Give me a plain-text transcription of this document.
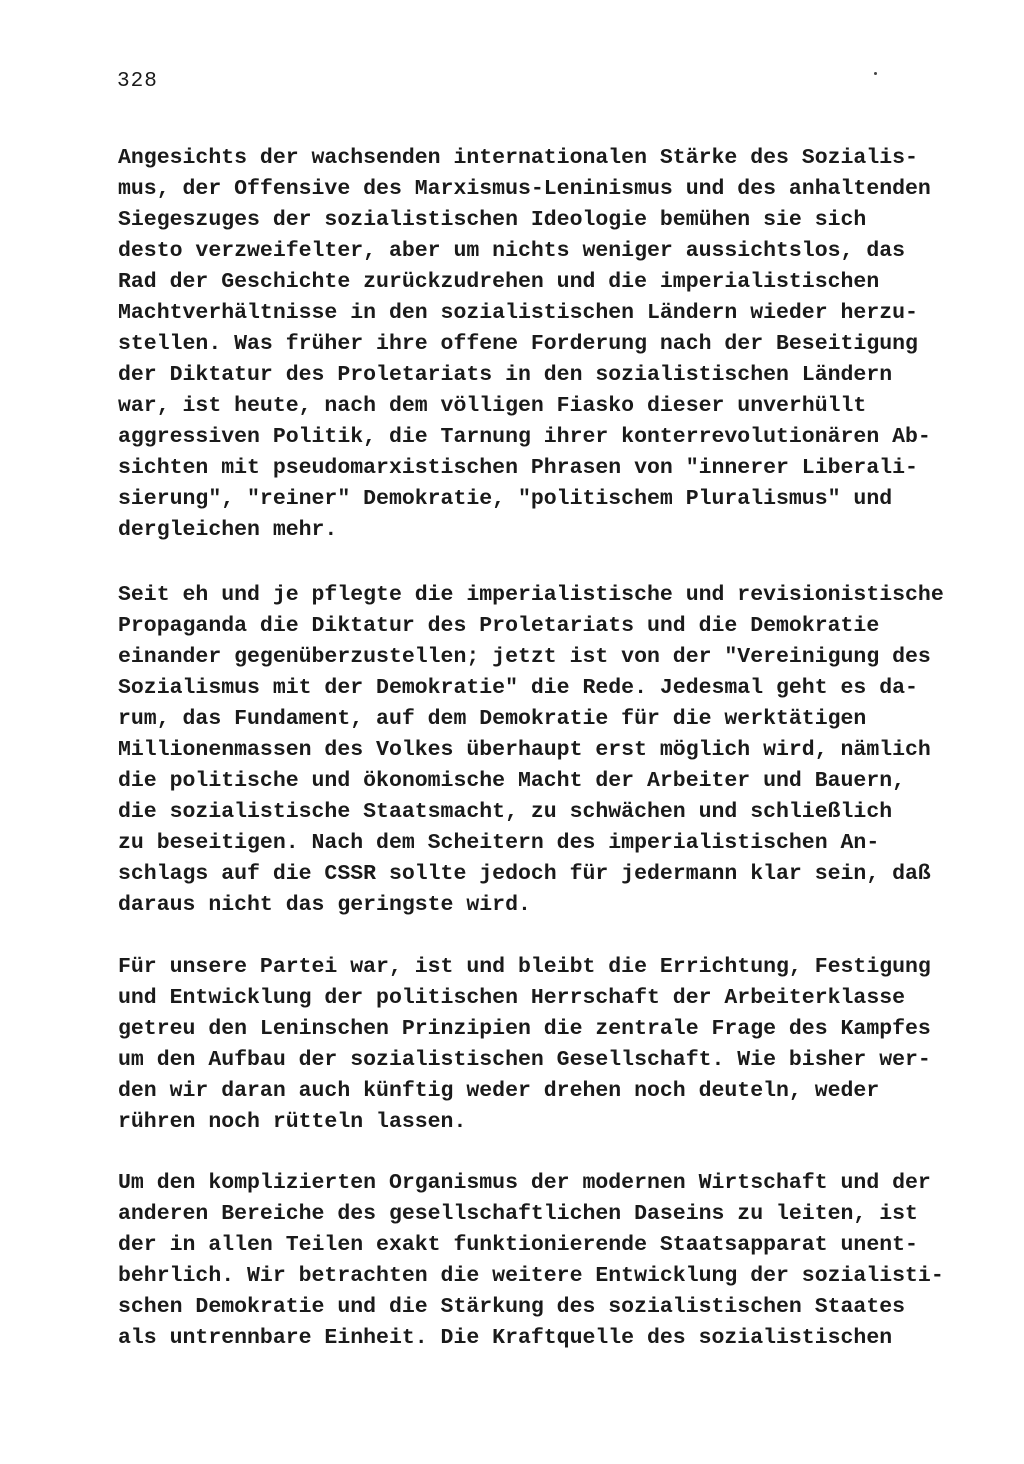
328
Angesichts der wachsenden internationalen Stärke des Sozialis-
mus, der Offensive des Marxismus-Leninismus und des anhaltenden
Siegeszuges der sozialistischen Ideologie bemühen sie sich
desto verzweifelter, aber um nichts weniger aussichtslos, das
Rad der Geschichte zurückzudrehen und die imperialistischen
Machtverhältnisse in den sozialistischen Ländern wieder herzu-
stellen. Was früher ihre offene Forderung nach der Beseitigung
der Diktatur des Proletariats in den sozialistischen Ländern
war, ist heute, nach dem völligen Fiasko dieser unverhüllt
aggressiven Politik, die Tarnung ihrer konterrevolutionären Ab-
sichten mit pseudomarxistischen Phrasen von "innerer Liberali-
sierung", "reiner" Demokratie, "politischem Pluralismus" und
dergleichen mehr.
Seit eh und je pflegte die imperialistische und revisionistische
Propaganda die Diktatur des Proletariats und die Demokratie
einander gegenüberzustellen; jetzt ist von der "Vereinigung des
Sozialismus mit der Demokratie" die Rede. Jedesmal geht es da-
rum, das Fundament, auf dem Demokratie für die werktätigen
Millionenmassen des Volkes überhaupt erst möglich wird, nämlich
die politische und ökonomische Macht der Arbeiter und Bauern,
die sozialistische Staatsmacht, zu schwächen und schließlich
zu beseitigen. Nach dem Scheitern des imperialistischen An-
schlags auf die CSSR sollte jedoch für jedermann klar sein, daß
daraus nicht das geringste wird.
Für unsere Partei war, ist und bleibt die Errichtung, Festigung
und Entwicklung der politischen Herrschaft der Arbeiterklasse
getreu den Leninschen Prinzipien die zentrale Frage des Kampfes
um den Aufbau der sozialistischen Gesellschaft. Wie bisher wer-
den wir daran auch künftig weder drehen noch deuteln, weder
rühren noch rütteln lassen.
Um den komplizierten Organismus der modernen Wirtschaft und der
anderen Bereiche des gesellschaftlichen Daseins zu leiten, ist
der in allen Teilen exakt funktionierende Staatsapparat unent-
behrlich. Wir betrachten die weitere Entwicklung der sozialisti-
schen Demokratie und die Stärkung des sozialistischen Staates
als untrennbare Einheit. Die Kraftquelle des sozialistischen
